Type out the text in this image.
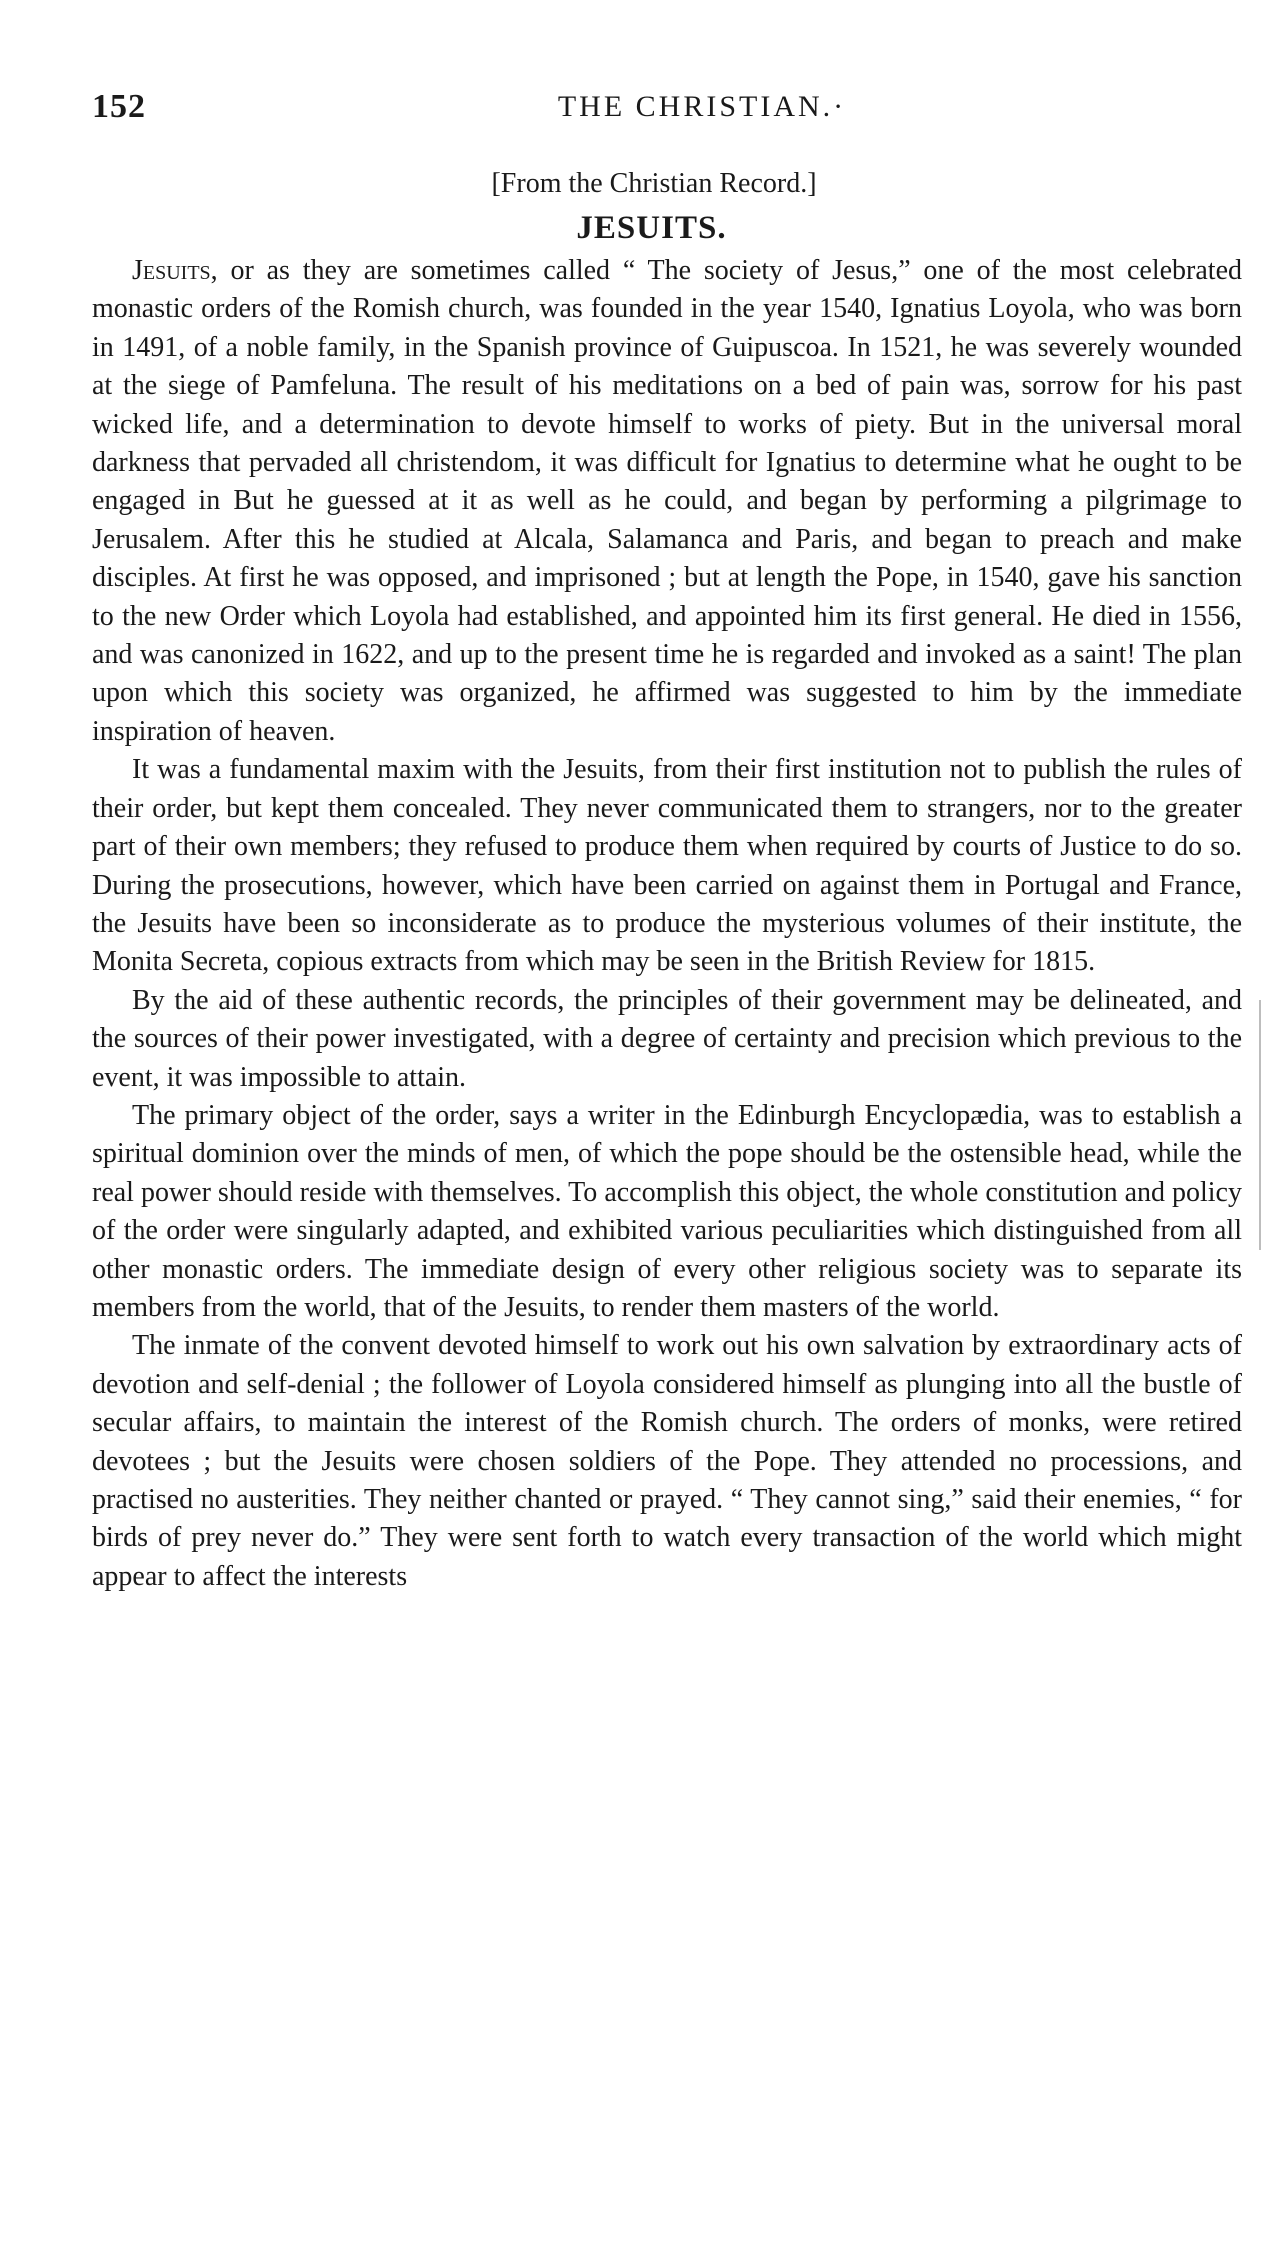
152	THE CHRISTIAN.·
[From the Christian Record.]
JESUITS.

Jesuits, or as they are sometimes called “ The society of Jesus,” one of the most celebrated monastic orders of the Romish church, was founded in the year 1540, Ignatius Loyola, who was born in 1491, of a noble family, in the Spanish province of Guipuscoa. In 1521, he was severely wounded at the siege of Pamfeluna. The result of his meditations on a bed of pain was, sorrow for his past wicked life, and a determination to devote himself to works of piety. But in the universal moral darkness that pervaded all christendom, it was difficult for Ignatius to determine what he ought to be engaged in But he guessed at it as well as he could, and began by performing a pilgrimage to Jerusalem. After this he studied at Alcala, Salamanca and Paris, and began to preach and make disciples. At first he was opposed, and imprisoned ; but at length the Pope, in 1540, gave his sanction to the new Order which Loyola had established, and appointed him its first general. He died in 1556, and was canonized in 1622, and up to the present time he is regarded and invoked as a saint! The plan upon which this society was organized, he affirmed was suggested to him by the immediate inspiration of heaven.

It was a fundamental maxim with the Jesuits, from their first institution not to publish the rules of their order, but kept them concealed. They never communicated them to strangers, nor to the greater part of their own members; they refused to produce them when required by courts of Justice to do so. During the prosecutions, however, which have been carried on against them in Portugal and France, the Jesuits have been so inconsiderate as to produce the mysterious volumes of their institute, the Monita Secreta, copious extracts from which may be seen in the British Review for 1815.

By the aid of these authentic records, the principles of their government may be delineated, and the sources of their power investigated, with a degree of certainty and precision which previous to the event, it was impossible to attain.

The primary object of the order, says a writer in the Edinburgh Encyclopædia, was to establish a spiritual dominion over the minds of men, of which the pope should be the ostensible head, while the real power should reside with themselves. To accomplish this object, the whole constitution and policy of the order were singularly adapted, and exhibited various peculiarities which distinguished from all other monastic orders. The immediate design of every other religious society was to separate its members from the world, that of the Jesuits, to render them masters of the world.

The inmate of the convent devoted himself to work out his own salvation by extraordinary acts of devotion and self-denial ; the follower of Loyola considered himself as plunging into all the bustle of secular affairs, to maintain the interest of the Romish church. The orders of monks, were retired devotees ; but the Jesuits were chosen soldiers of the Pope. They attended no processions, and practised no austerities. They neither chanted or prayed. “ They cannot sing,” said their enemies, “ for birds of prey never do.” They were sent forth to watch every transaction of the world which might appear to affect the interests
